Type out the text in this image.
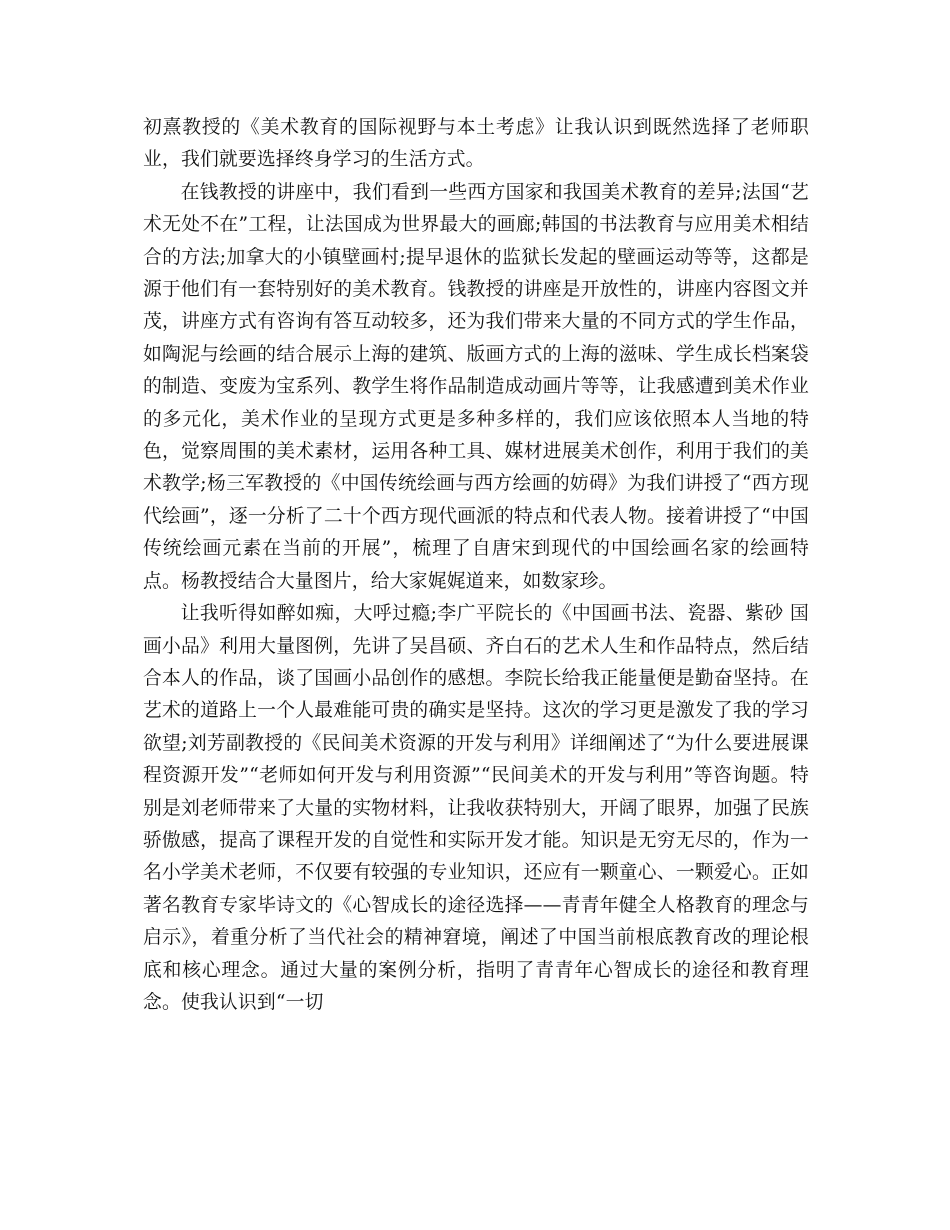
初熹教授的《美术教育的国际视野与本土考虑》让我认识到既然选择了老师职业，我们就要选择终身学习的生活方式。

在钱教授的讲座中，我们看到一些西方国家和我国美术教育的差异;法国“艺术无处不在”工程，让法国成为世界最大的画廊;韩国的书法教育与应用美术相结合的方法;加拿大的小镇壁画村;提早退休的监狱长发起的壁画运动等等，这都是源于他们有一套特别好的美术教育。钱教授的讲座是开放性的，讲座内容图文并茂，讲座方式有咨询有答互动较多，还为我们带来大量的不同方式的学生作品，如陶泥与绘画的结合展示上海的建筑、版画方式的上海的滋味、学生成长档案袋的制造、变废为宝系列、教学生将作品制造成动画片等等，让我感遭到美术作业的多元化，美术作业的呈现方式更是多种多样的，我们应该依照本人当地的特色，觉察周围的美术素材，运用各种工具、媒材进展美术创作，利用于我们的美术教学;杨三军教授的《中国传统绘画与西方绘画的妨碍》为我们讲授了“西方现代绘画”，逐一分析了二十个西方现代画派的特点和代表人物。接着讲授了“中国传统绘画元素在当前的开展”，梳理了自唐宋到现代的中国绘画名家的绘画特点。杨教授结合大量图片，给大家娓娓道来，如数家珍。

让我听得如醉如痴，大呼过瘾;李广平院长的《中国画书法、瓷器、紫砂 国画小品》利用大量图例，先讲了吴昌硕、齐白石的艺术人生和作品特点，然后结合本人的作品，谈了国画小品创作的感想。李院长给我正能量便是勤奋坚持。在艺术的道路上一个人最难能可贵的确实是坚持。这次的学习更是激发了我的学习欲望;刘芳副教授的《民间美术资源的开发与利用》详细阐述了“为什么要进展课程资源开发”“老师如何开发与利用资源”“民间美术的开发与利用”等咨询题。特别是刘老师带来了大量的实物材料，让我收获特别大，开阔了眼界，加强了民族骄傲感，提高了课程开发的自觉性和实际开发才能。知识是无穷无尽的，作为一名小学美术老师，不仅要有较强的专业知识，还应有一颗童心、一颗爱心。正如著名教育专家毕诗文的《心智成长的途径选择——青青年健全人格教育的理念与启示》，着重分析了当代社会的精神窘境，阐述了中国当前根底教育改的理论根底和核心理念。通过大量的案例分析，指明了青青年心智成长的途径和教育理念。使我认识到“一切
